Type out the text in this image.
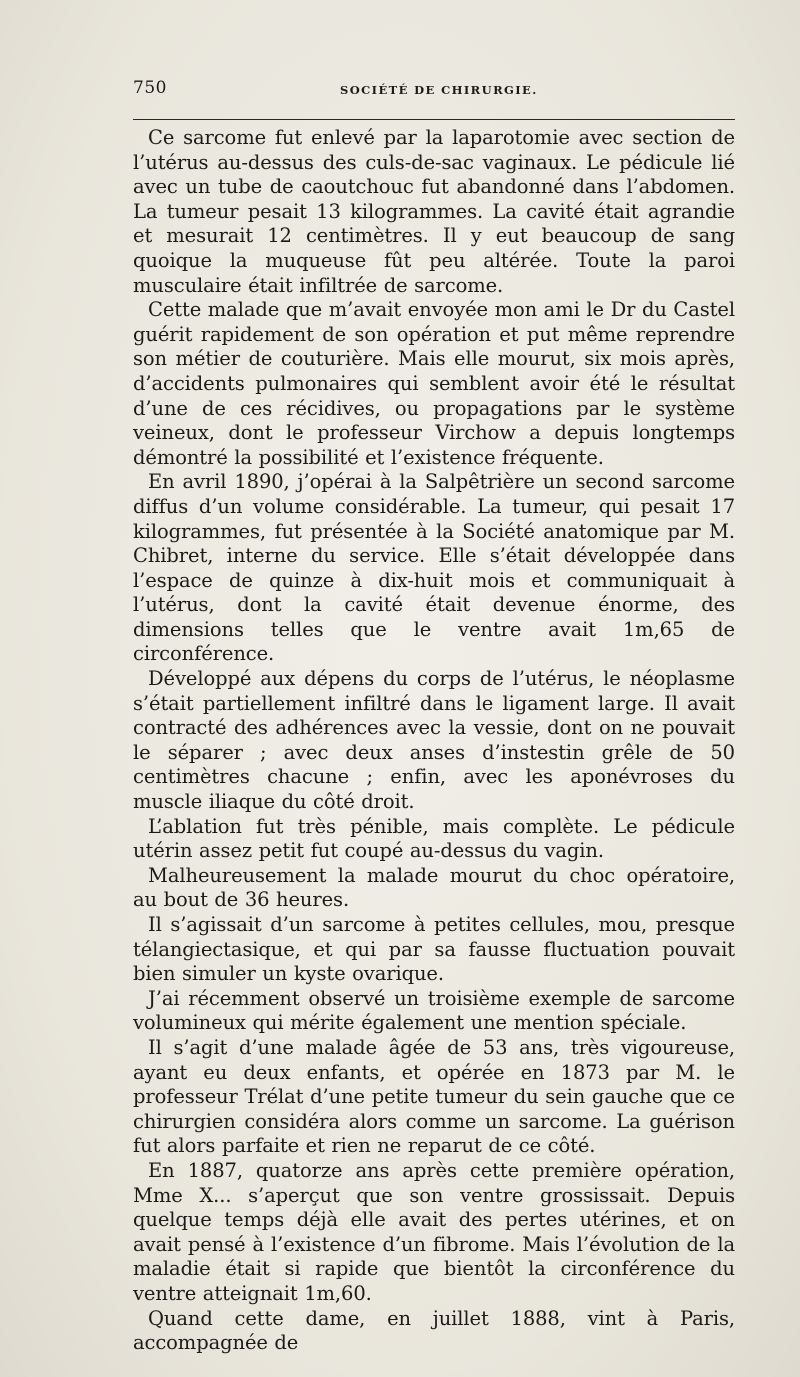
750	SOCIÉTÉ DE CHIRURGIE.

Ce sarcome fut enlevé par la laparotomie avec section de l’utérus au-dessus des culs-de-sac vaginaux. Le pédicule lié avec un tube de caoutchouc fut abandonné dans l’abdomen. La tumeur pesait 13 kilogrammes. La cavité était agrandie et mesurait 12 centimètres. Il y eut beaucoup de sang quoique la muqueuse fût peu altérée. Toute la paroi musculaire était infiltrée de sarcome.

Cette malade que m’avait envoyée mon ami le Dr du Castel guérit rapidement de son opération et put même reprendre son métier de couturière. Mais elle mourut, six mois après, d’accidents pulmonaires qui semblent avoir été le résultat d’une de ces récidives, ou propagations par le système veineux, dont le professeur Virchow a depuis longtemps démontré la possibilité et l’existence fréquente.

En avril 1890, j’opérai à la Salpêtrière un second sarcome diffus d’un volume considérable. La tumeur, qui pesait 17 kilogrammes, fut présentée à la Société anatomique par M. Chibret, interne du service. Elle s’était développée dans l’espace de quinze à dix-huit mois et communiquait à l’utérus, dont la cavité était devenue énorme, des dimensions telles que le ventre avait 1m,65 de circonférence.

Développé aux dépens du corps de l’utérus, le néoplasme s’était partiellement infiltré dans le ligament large. Il avait contracté des adhérences avec la vessie, dont on ne pouvait le séparer ; avec deux anses d’instestin grêle de 50 centimètres chacune ; enfin, avec les aponévroses du muscle iliaque du côté droit.

L’ablation fut très pénible, mais complète. Le pédicule utérin assez petit fut coupé au-dessus du vagin.

Malheureusement la malade mourut du choc opératoire, au bout de 36 heures.

Il s’agissait d’un sarcome à petites cellules, mou, presque télangiectasique, et qui par sa fausse fluctuation pouvait bien simuler un kyste ovarique.

J’ai récemment observé un troisième exemple de sarcome volumineux qui mérite également une mention spéciale.

Il s’agit d’une malade âgée de 53 ans, très vigoureuse, ayant eu deux enfants, et opérée en 1873 par M. le professeur Trélat d’une petite tumeur du sein gauche que ce chirurgien considéra alors comme un sarcome. La guérison fut alors parfaite et rien ne reparut de ce côté.

En 1887, quatorze ans après cette première opération, Mme X... s’aperçut que son ventre grossissait. Depuis quelque temps déjà elle avait des pertes utérines, et on avait pensé à l’existence d’un fibrome. Mais l’évolution de la maladie était si rapide que bientôt la circonférence du ventre atteignait 1m,60.

Quand cette dame, en juillet 1888, vint à Paris, accompagnée de
